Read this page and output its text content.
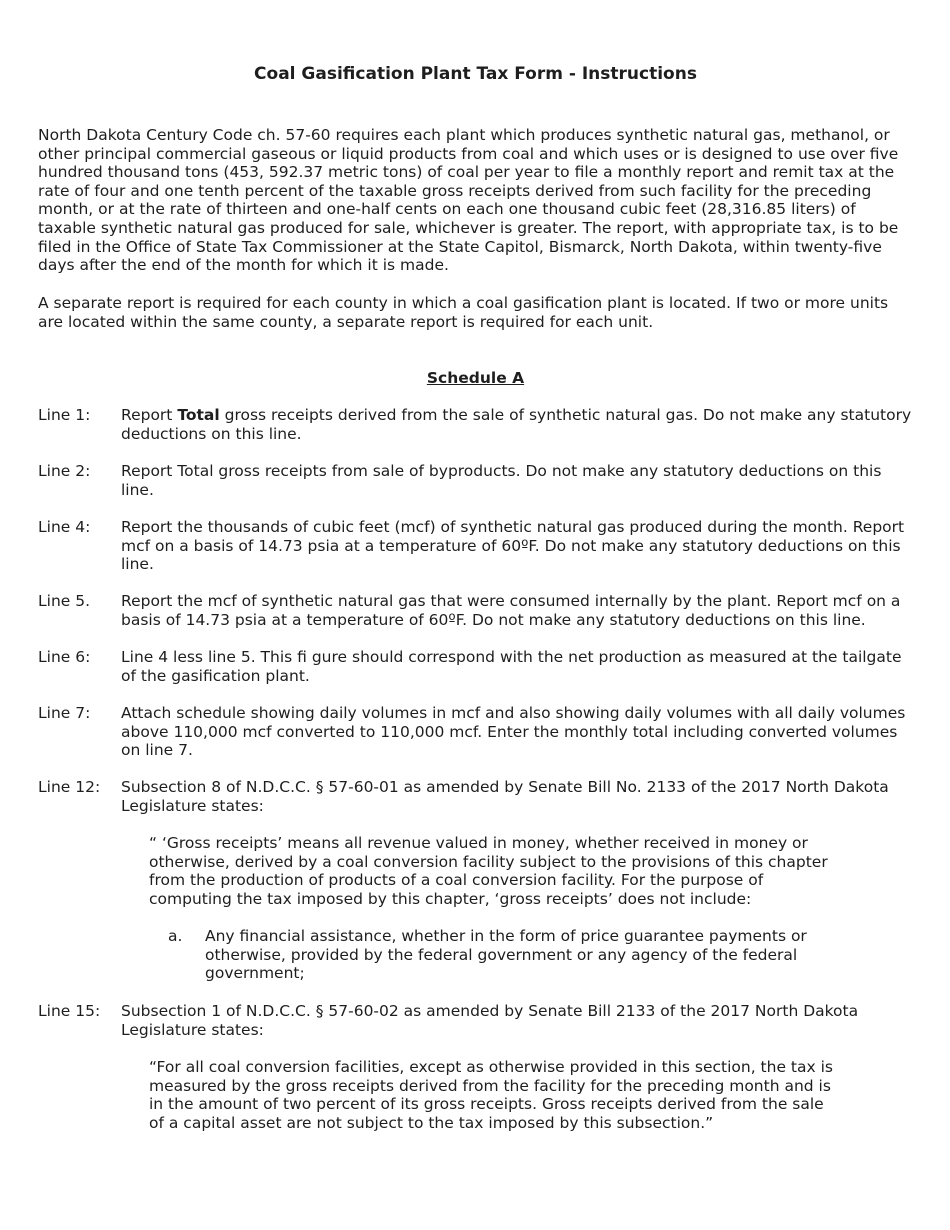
Coal Gasification Plant Tax Form - Instructions

North Dakota Century Code ch. 57-60 requires each plant which produces synthetic natural gas, methanol, or other principal commercial gaseous or liquid products from coal and which uses or is designed to use over five hundred thousand tons (453, 592.37 metric tons) of coal per year to file a monthly report and remit tax at the rate of four and one tenth percent of the taxable gross receipts derived from such facility for the preceding month, or at the rate of thirteen and one-half cents on each one thousand cubic feet (28,316.85 liters) of taxable synthetic natural gas produced for sale, whichever is greater. The report, with appropriate tax, is to be filed in the Office of State Tax Commissioner at the State Capitol, Bismarck, North Dakota, within twenty-five days after the end of the month for which it is made.

A separate report is required for each county in which a coal gasification plant is located. If two or more units are located within the same county, a separate report is required for each unit.

Schedule A
Line 1:	Report Total gross receipts derived from the sale of synthetic natural gas. Do not make any statutory deductions on this line.
Line 2:	Report Total gross receipts from sale of byproducts. Do not make any statutory deductions on this line.
Line 4:	Report the thousands of cubic feet (mcf) of synthetic natural gas produced during the month. Report mcf on a basis of 14.73 psia at a temperature of 60ºF. Do not make any statutory deductions on this line.
Line 5.	Report the mcf of synthetic natural gas that were consumed internally by the plant. Report mcf on a basis of 14.73 psia at a temperature of 60ºF. Do not make any statutory deductions on this line.
Line 6:	Line 4 less line 5. This fi gure should correspond with the net production as measured at the tailgate of the gasification plant.
Line 7:	Attach schedule showing daily volumes in mcf and also showing daily volumes with all daily volumes above 110,000 mcf converted to 110,000 mcf. Enter the monthly total including converted volumes on line 7.
Line 12:	Subsection 8 of N.D.C.C. § 57-60-01 as amended by Senate Bill No. 2133 of the 2017 North Dakota Legislature states:
“ ‘Gross receipts’ means all revenue valued in money, whether received in money or otherwise, derived by a coal conversion facility subject to the provisions of this chapter from the production of products of a coal conversion facility. For the purpose of computing the tax imposed by this chapter, ‘gross receipts’ does not include:
a. Any financial assistance, whether in the form of price guarantee payments or otherwise, provided by the federal government or any agency of the federal government;
Line 15:	Subsection 1 of N.D.C.C. § 57-60-02 as amended by Senate Bill 2133 of the 2017 North Dakota Legislature states:
“For all coal conversion facilities, except as otherwise provided in this section, the tax is measured by the gross receipts derived from the facility for the preceding month and is in the amount of two percent of its gross receipts. Gross receipts derived from the sale of a capital asset are not subject to the tax imposed by this subsection.”
